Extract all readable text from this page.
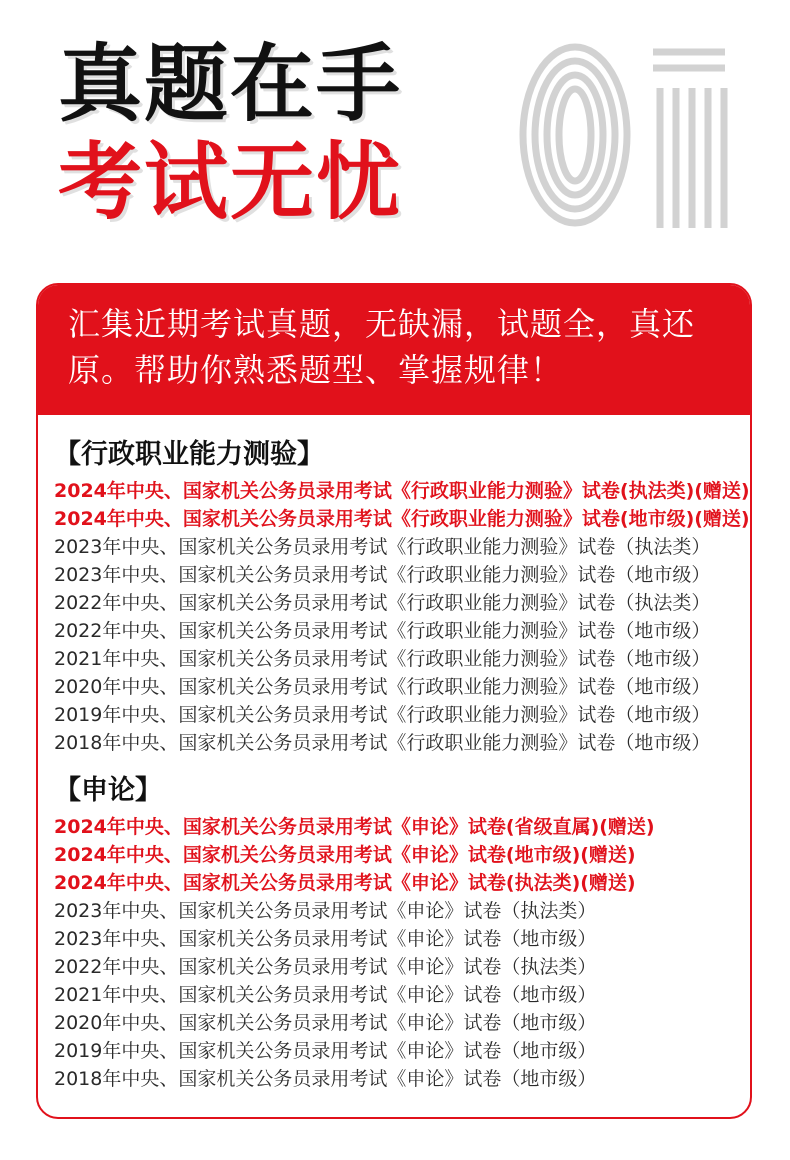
真题在手
考试无忧
汇集近期考试真题，无缺漏，试题全，真还原。帮助你熟悉题型、掌握规律！
【行政职业能力测验】
2024年中央、国家机关公务员录用考试《行政职业能力测验》试卷(执法类)(赠送)
2024年中央、国家机关公务员录用考试《行政职业能力测验》试卷(地市级)(赠送)
2023年中央、国家机关公务员录用考试《行政职业能力测验》试卷（执法类）
2023年中央、国家机关公务员录用考试《行政职业能力测验》试卷（地市级）
2022年中央、国家机关公务员录用考试《行政职业能力测验》试卷（执法类）
2022年中央、国家机关公务员录用考试《行政职业能力测验》试卷（地市级）
2021年中央、国家机关公务员录用考试《行政职业能力测验》试卷（地市级）
2020年中央、国家机关公务员录用考试《行政职业能力测验》试卷（地市级）
2019年中央、国家机关公务员录用考试《行政职业能力测验》试卷（地市级）
2018年中央、国家机关公务员录用考试《行政职业能力测验》试卷（地市级）
【申论】
2024年中央、国家机关公务员录用考试《申论》试卷(省级直属)(赠送)
2024年中央、国家机关公务员录用考试《申论》试卷(地市级)(赠送)
2024年中央、国家机关公务员录用考试《申论》试卷(执法类)(赠送)
2023年中央、国家机关公务员录用考试《申论》试卷（执法类）
2023年中央、国家机关公务员录用考试《申论》试卷（地市级）
2022年中央、国家机关公务员录用考试《申论》试卷（执法类）
2021年中央、国家机关公务员录用考试《申论》试卷（地市级）
2020年中央、国家机关公务员录用考试《申论》试卷（地市级）
2019年中央、国家机关公务员录用考试《申论》试卷（地市级）
2018年中央、国家机关公务员录用考试《申论》试卷（地市级）
